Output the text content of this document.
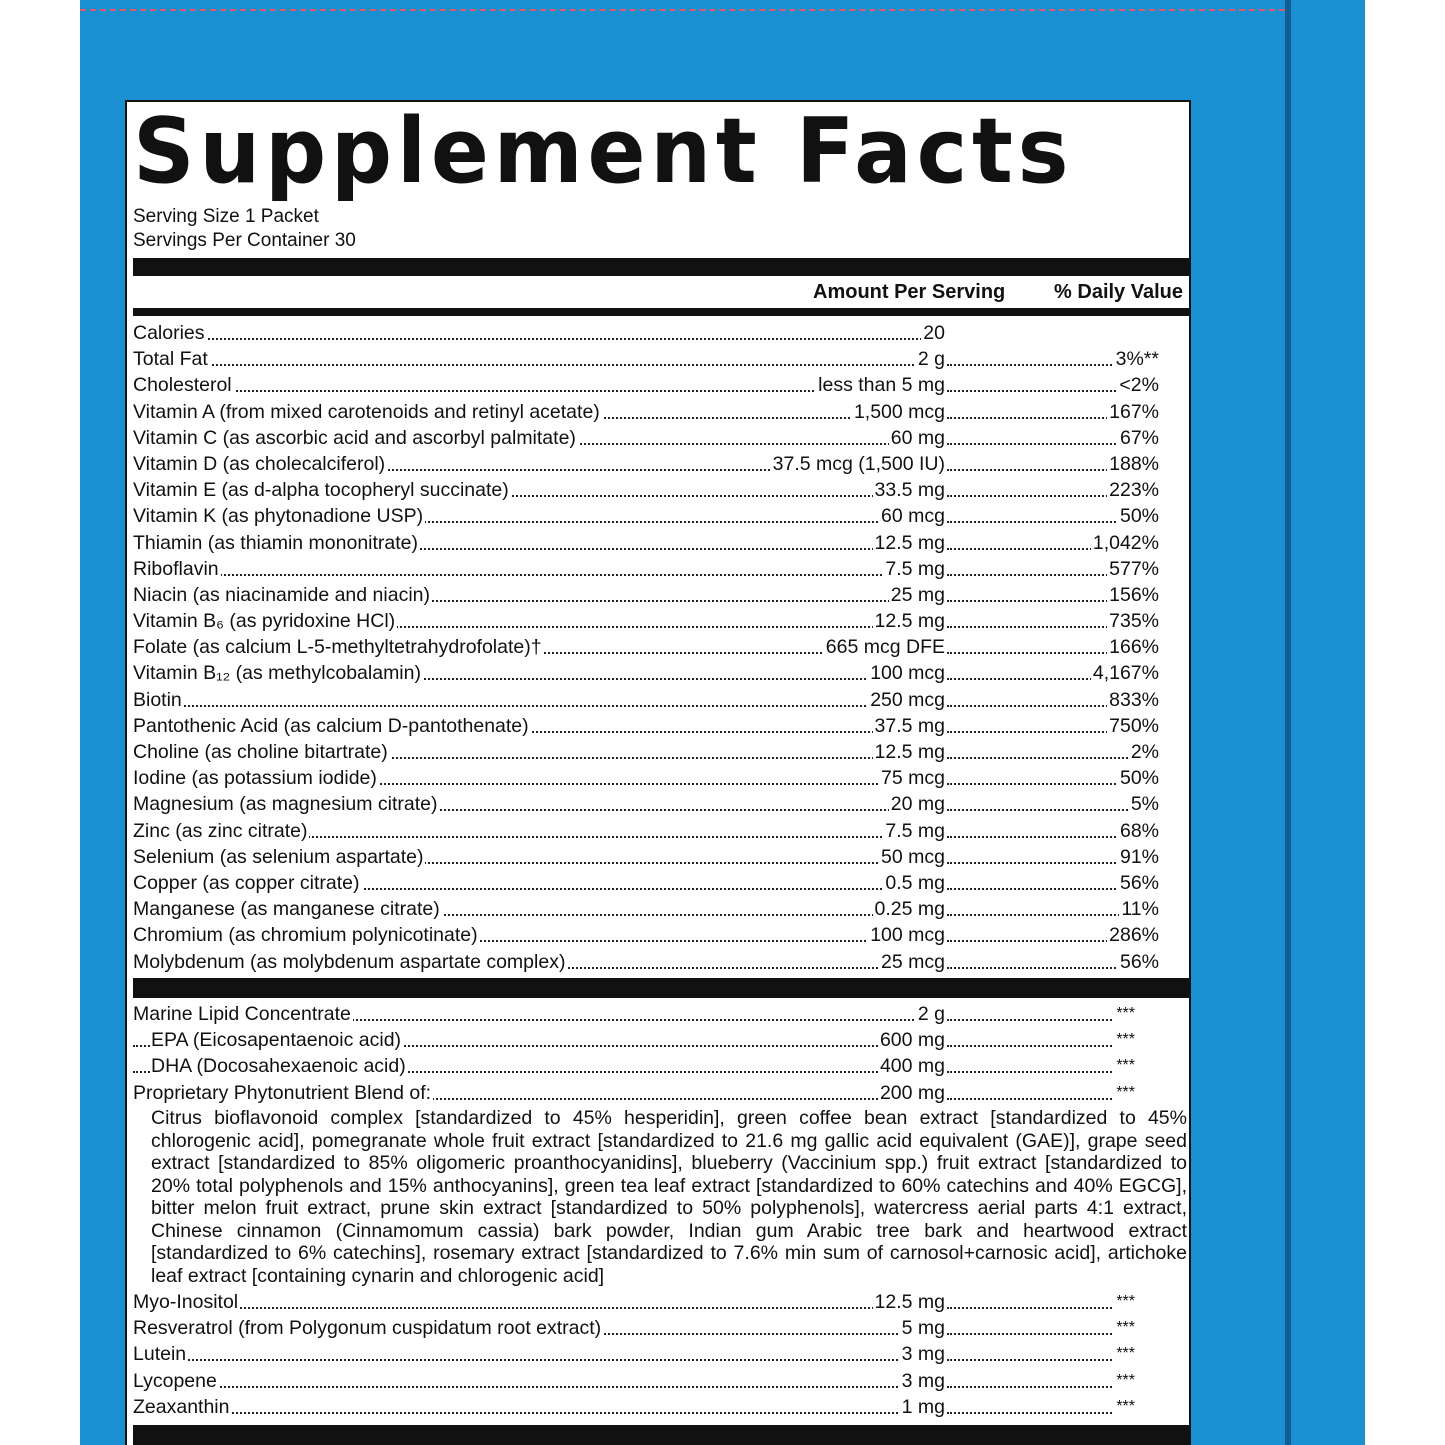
Supplement Facts
Serving Size 1 Packet
Servings Per Container 30
Amount Per Serving % Daily Value
Calories	20
Total Fat	2 g	3%**
Cholesterol	less than 5 mg	<2%
Vitamin A (from mixed carotenoids and retinyl acetate)	1,500 mcg	167%
Vitamin C (as ascorbic acid and ascorbyl palmitate)	60 mg	67%
Vitamin D (as cholecalciferol)	37.5 mcg (1,500 IU)	188%
Vitamin E (as d-alpha tocopheryl succinate)	33.5 mg	223%
Vitamin K (as phytonadione USP)	60 mcg	50%
Thiamin (as thiamin mononitrate)	12.5 mg	1,042%
Riboflavin	7.5 mg	577%
Niacin (as niacinamide and niacin)	25 mg	156%
Vitamin B₆ (as pyridoxine HCl)	12.5 mg	735%
Folate (as calcium L-5-methyltetrahydrofolate)†	665 mcg DFE	166%
Vitamin B₁₂ (as methylcobalamin)	100 mcg	4,167%
Biotin	250 mcg	833%
Pantothenic Acid (as calcium D-pantothenate)	37.5 mg	750%
Choline (as choline bitartrate)	12.5 mg	2%
Iodine (as potassium iodide)	75 mcg	50%
Magnesium (as magnesium citrate)	20 mg	5%
Zinc (as zinc citrate)	7.5 mg	68%
Selenium (as selenium aspartate)	50 mcg	91%
Copper (as copper citrate)	0.5 mg	56%
Manganese (as manganese citrate)	0.25 mg	11%
Chromium (as chromium polynicotinate)	100 mcg	286%
Molybdenum (as molybdenum aspartate complex)	25 mcg	56%
Marine Lipid Concentrate	2 g	***
EPA (Eicosapentaenoic acid)	600 mg	***
DHA (Docosahexaenoic acid)	400 mg	***
Proprietary Phytonutrient Blend of:	200 mg	***
Citrus bioflavonoid complex [standardized to 45% hesperidin], green coffee bean extract [standardized to 45% chlorogenic acid], pomegranate whole fruit extract [standardized to 21.6 mg gallic acid equivalent (GAE)], grape seed extract [standardized to 85% oligomeric proanthocyanidins], blueberry (Vaccinium spp.) fruit extract [standardized to 20% total polyphenols and 15% anthocyanins], green tea leaf extract [standardized to 60% catechins and 40% EGCG], bitter melon fruit extract, prune skin extract [standardized to 50% polyphenols], watercress aerial parts 4:1 extract, Chinese cinnamon (Cinnamomum cassia) bark powder, Indian gum Arabic tree bark and heartwood extract [standardized to 6% catechins], rosemary extract [standardized to 7.6% min sum of carnosol+carnosic acid], artichoke leaf extract [containing cynarin and chlorogenic acid]
Myo-Inositol	12.5 mg	***
Resveratrol (from Polygonum cuspidatum root extract)	5 mg	***
Lutein	3 mg	***
Lycopene	3 mg	***
Zeaxanthin	1 mg	***
